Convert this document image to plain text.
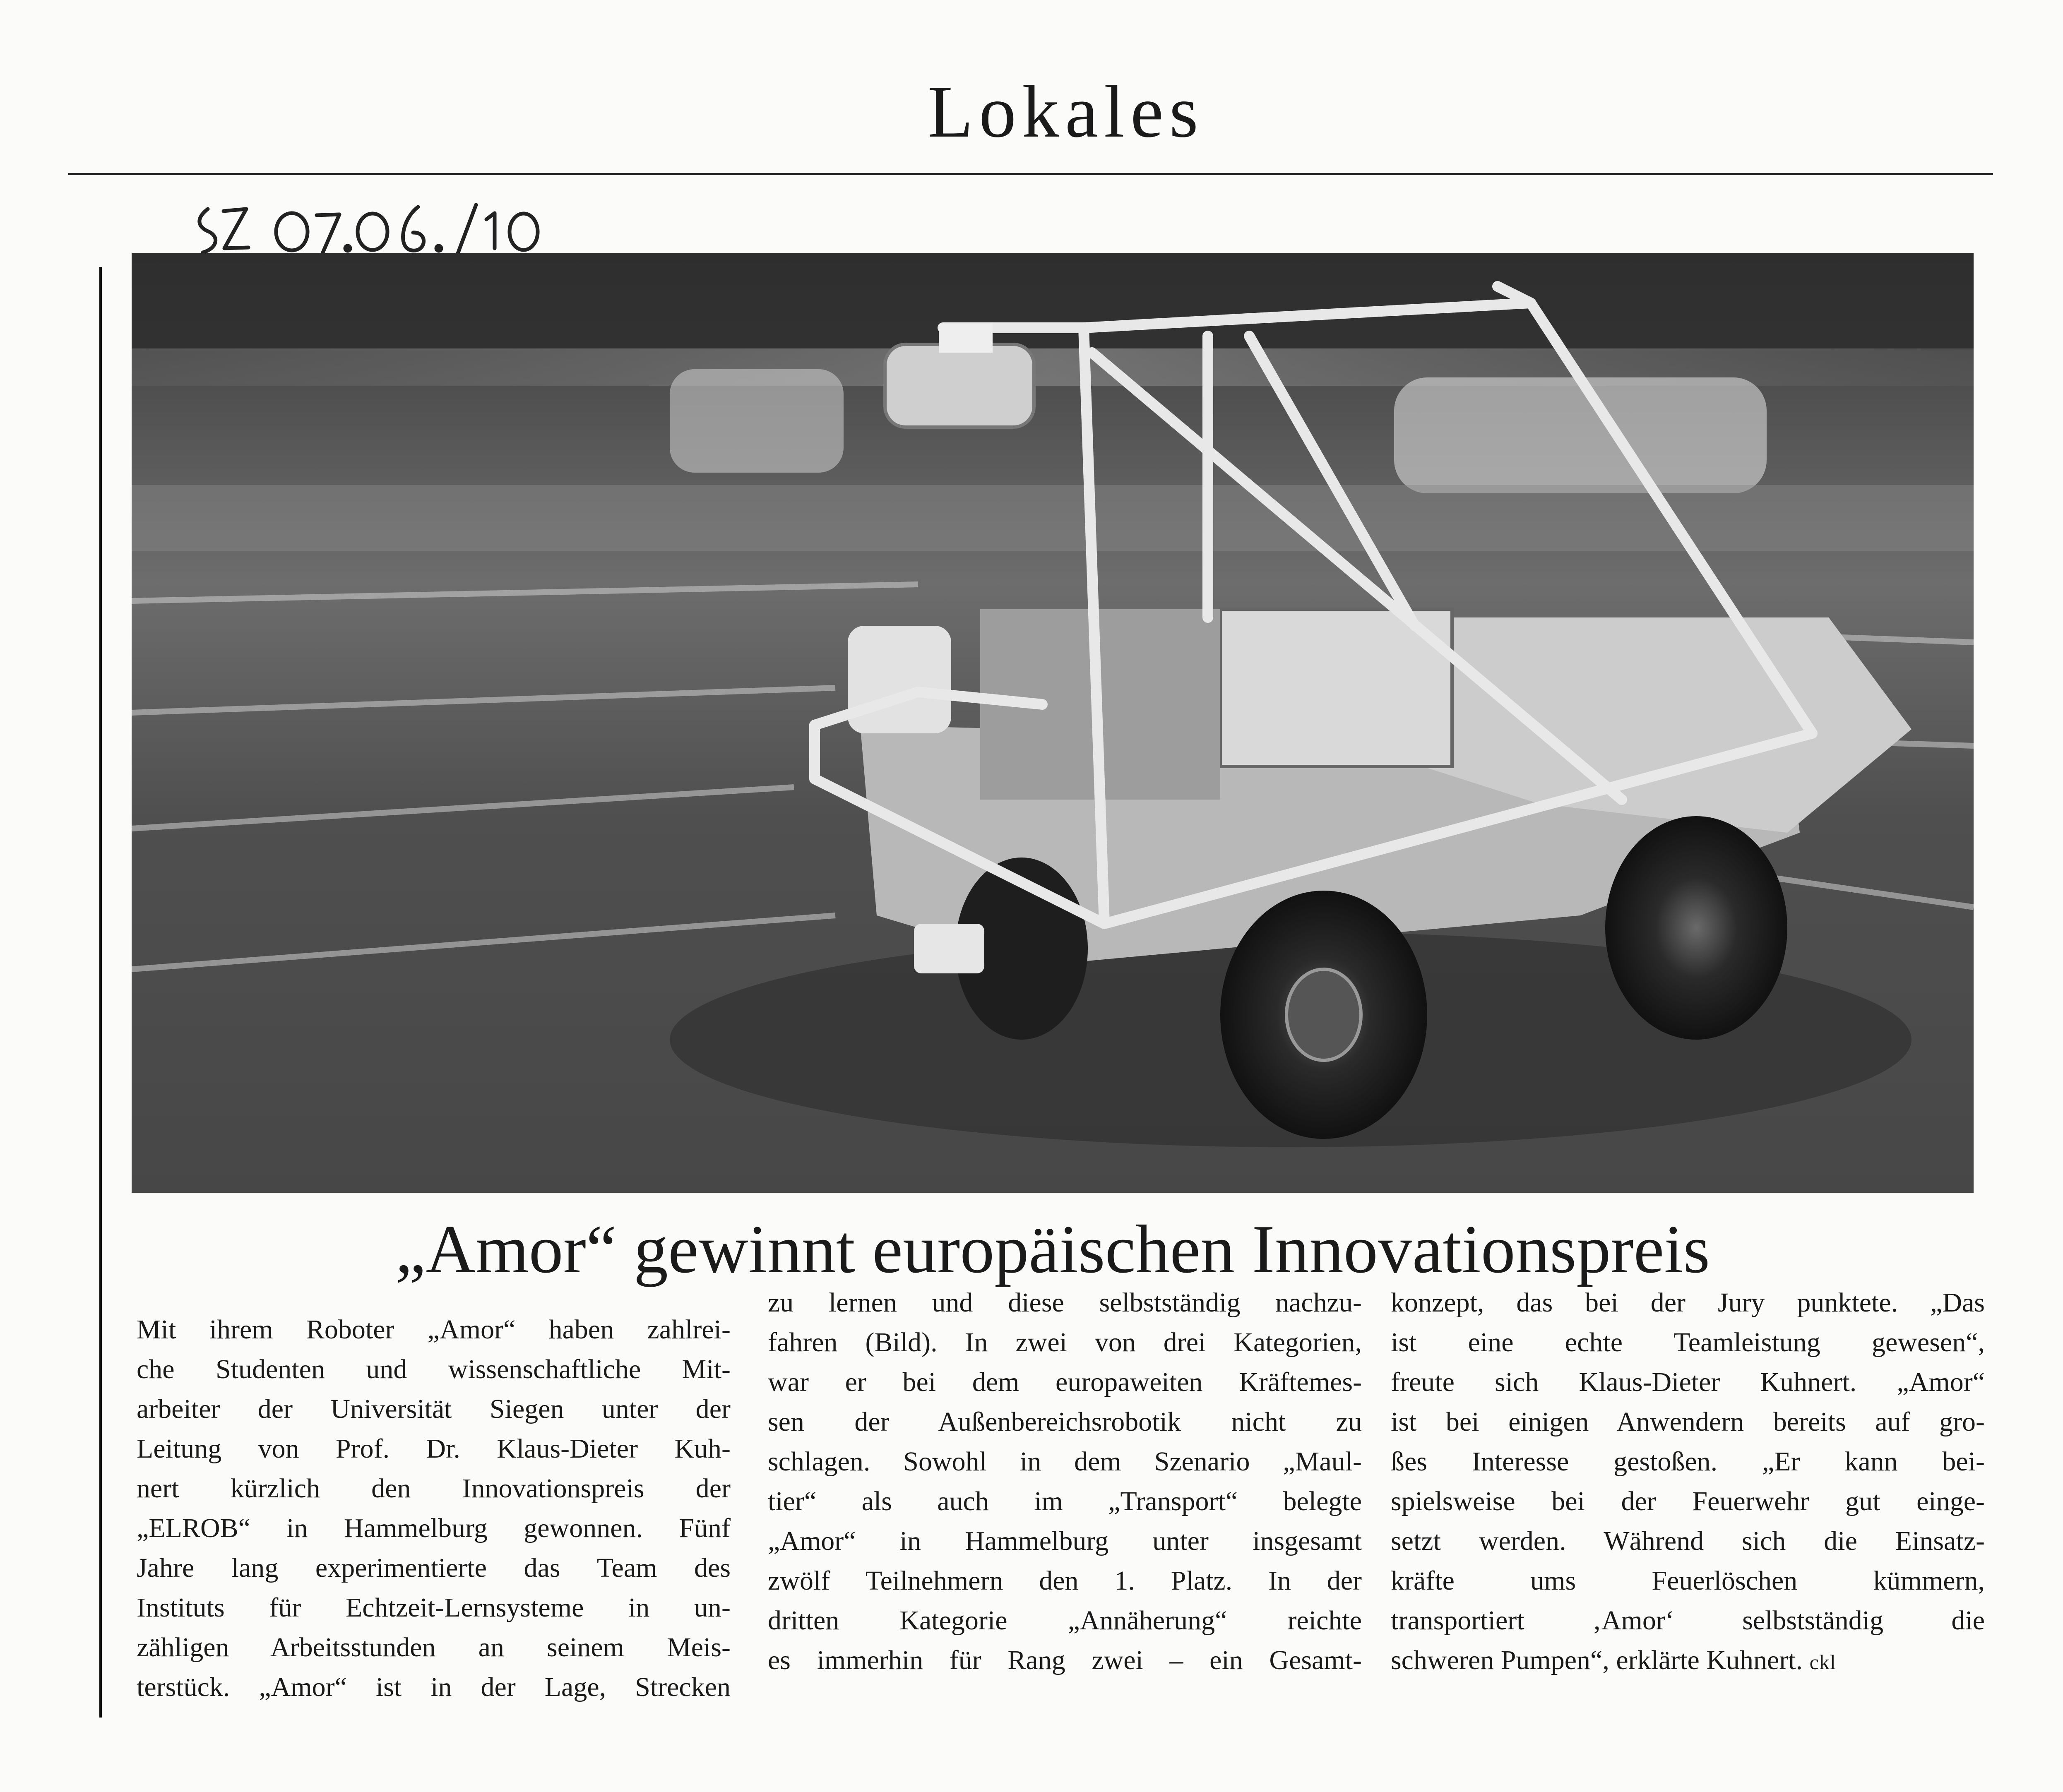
Lokales
„Amor“ gewinnt europäischen Innovationspreis
Mit ihrem Roboter „Amor“ haben zahlrei-
che Studenten und wissenschaftliche Mit-
arbeiter der Universität Siegen unter der
Leitung von Prof. Dr. Klaus-Dieter Kuh-
nert kürzlich den Innovationspreis der
„ELROB“ in Hammelburg gewonnen. Fünf
Jahre lang experimentierte das Team des
Instituts für Echtzeit-Lernsysteme in un-
zähligen Arbeitsstunden an seinem Meis-
terstück. „Amor“ ist in der Lage, Strecken
zu lernen und diese selbstständig nachzu-
fahren (Bild). In zwei von drei Kategorien,
war er bei dem europaweiten Kräftemes-
sen der Außenbereichsrobotik nicht zu
schlagen. Sowohl in dem Szenario „Maul-
tier“ als auch im „Transport“ belegte
„Amor“ in Hammelburg unter insgesamt
zwölf Teilnehmern den 1. Platz. In der
dritten Kategorie „Annäherung“ reichte
es immerhin für Rang zwei – ein Gesamt-
konzept, das bei der Jury punktete. „Das
ist eine echte Teamleistung gewesen“,
freute sich Klaus-Dieter Kuhnert. „Amor“
ist bei einigen Anwendern bereits auf gro-
ßes Interesse gestoßen. „Er kann bei-
spielsweise bei der Feuerwehr gut einge-
setzt werden. Während sich die Einsatz-
kräfte ums Feuerlöschen kümmern,
transportiert ‚Amor‘ selbstständig die
schweren Pumpen“, erklärte Kuhnert. ckl
